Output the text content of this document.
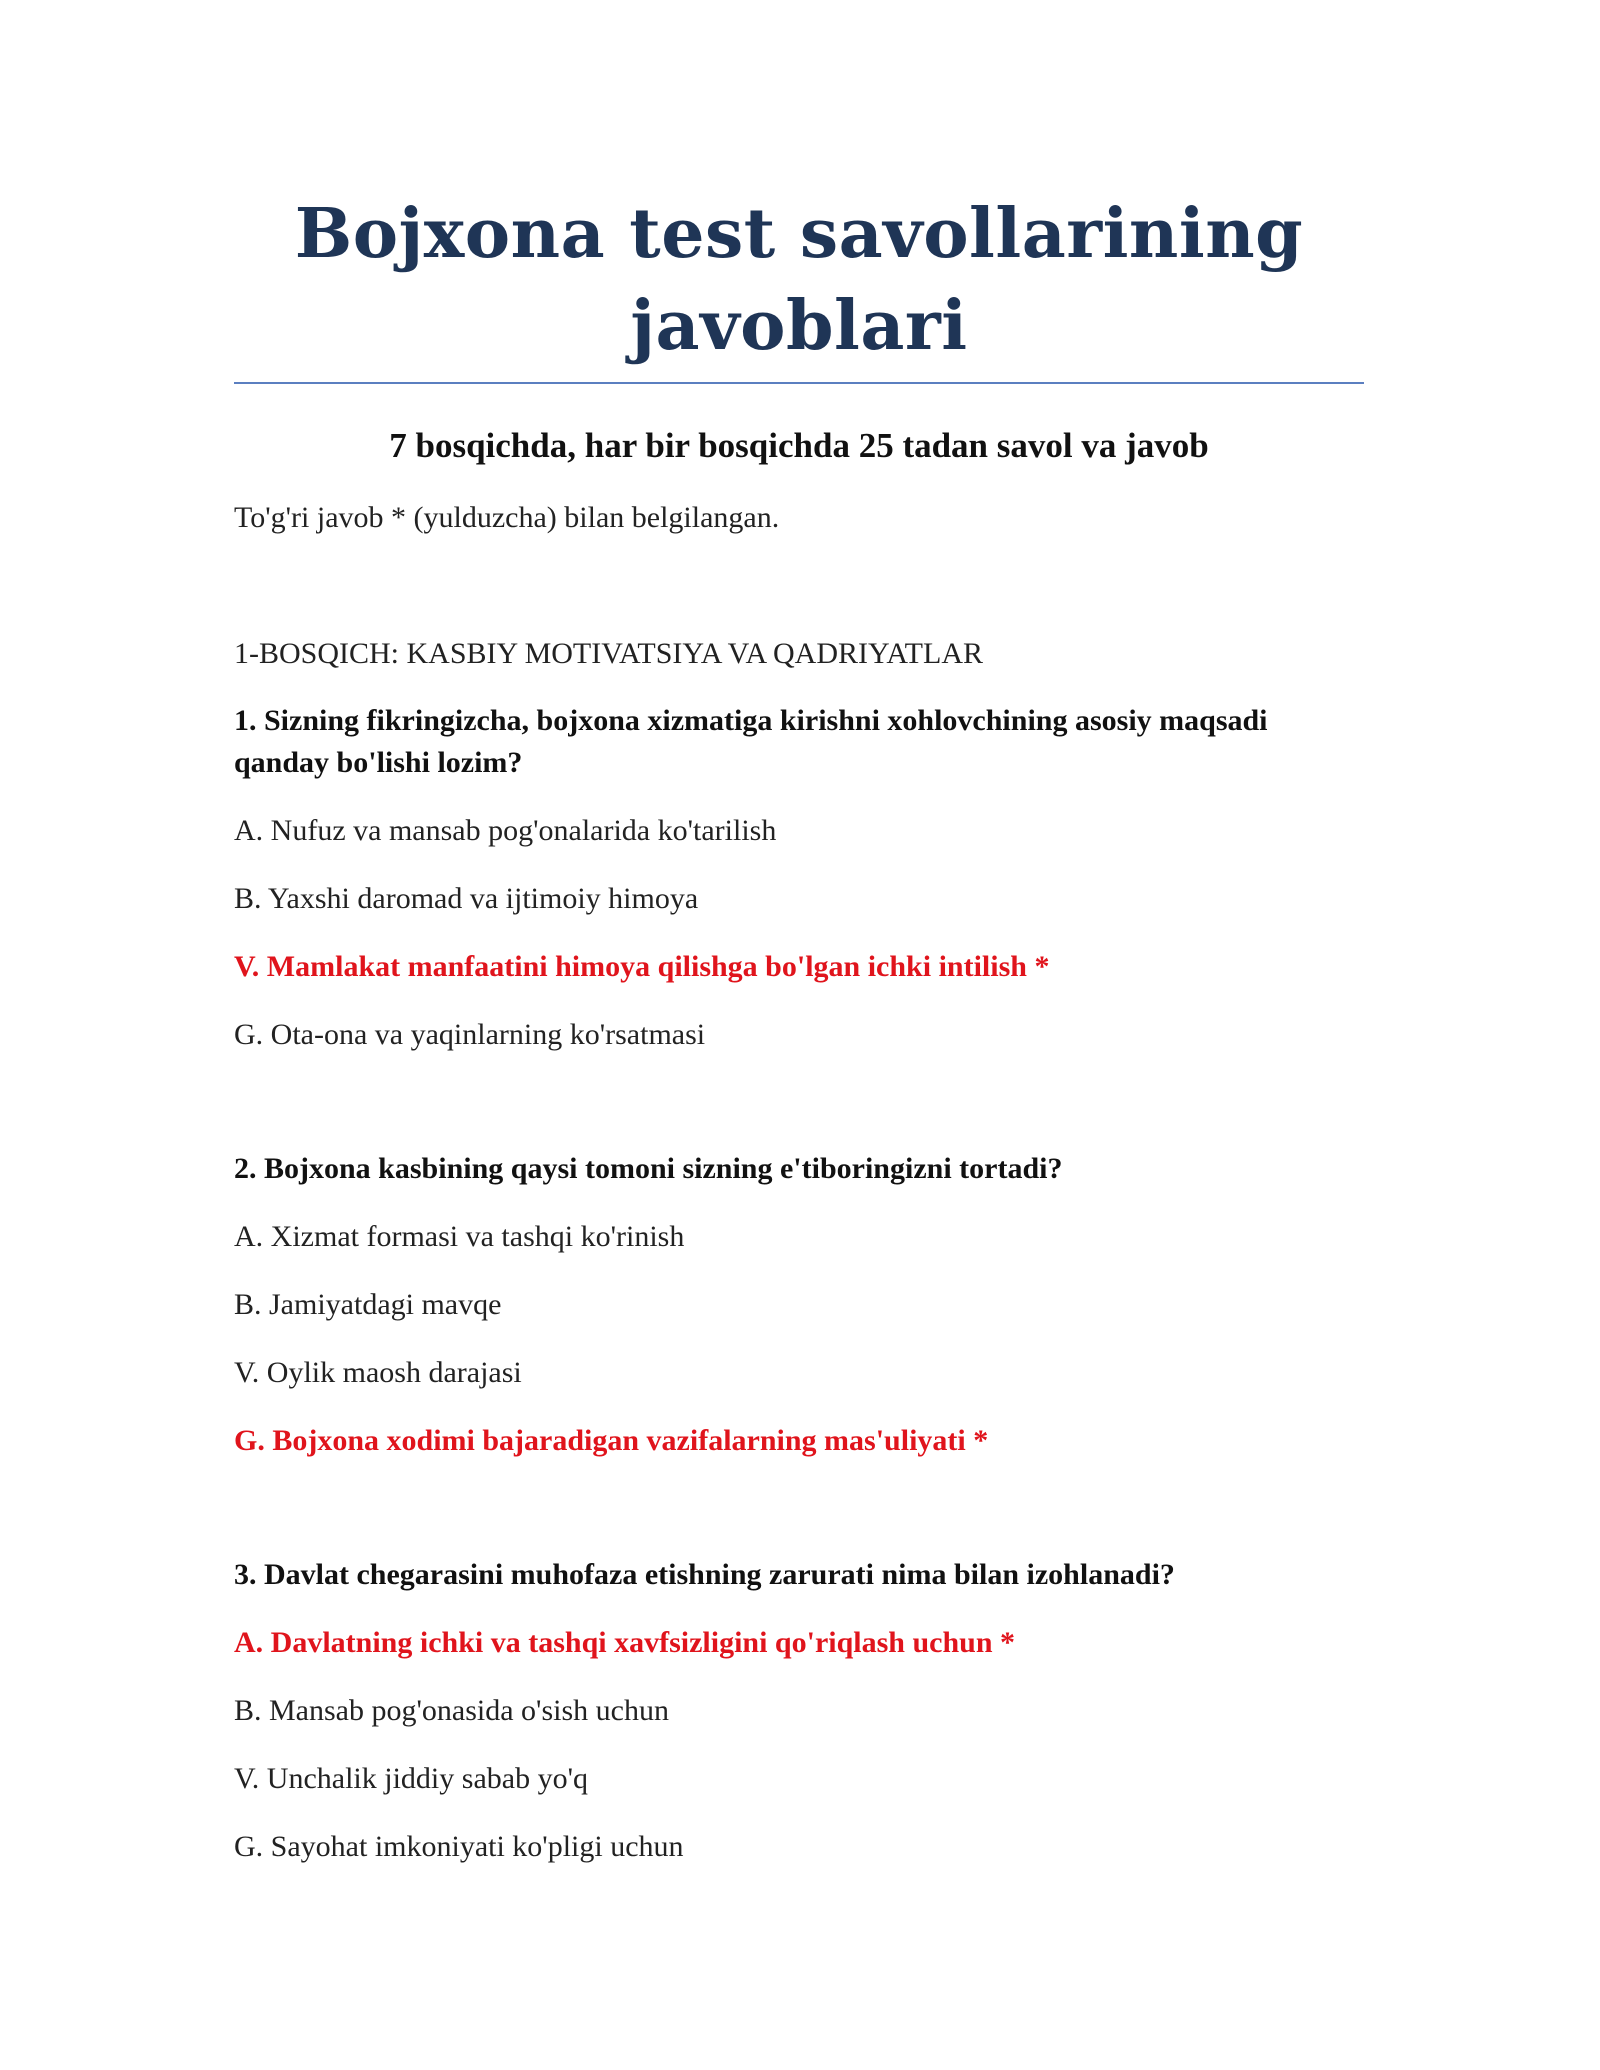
Bojxona test savollarining javoblari
7 bosqichda, har bir bosqichda 25 tadan savol va javob
To'g'ri javob * (yulduzcha) bilan belgilangan.
1-BOSQICH: KASBIY MOTIVATSIYA VA QADRIYATLAR

1. Sizning fikringizcha, bojxona xizmatiga kirishni xohlovchining asosiy maqsadi qanday bo'lishi lozim?

A. Nufuz va mansab pog'onalarida ko'tarilish
B. Yaxshi daromad va ijtimoiy himoya
V. Mamlakat manfaatini himoya qilishga bo'lgan ichki intilish *
G. Ota-ona va yaqinlarning ko'rsatmasi

2. Bojxona kasbining qaysi tomoni sizning e'tiboringizni tortadi?

A. Xizmat formasi va tashqi ko'rinish
B. Jamiyatdagi mavqe
V. Oylik maosh darajasi
G. Bojxona xodimi bajaradigan vazifalarning mas'uliyati *

3. Davlat chegarasini muhofaza etishning zarurati nima bilan izohlanadi?

A. Davlatning ichki va tashqi xavfsizligini qo'riqlash uchun *
B. Mansab pog'onasida o'sish uchun
V. Unchalik jiddiy sabab yo'q
G. Sayohat imkoniyati ko'pligi uchun
